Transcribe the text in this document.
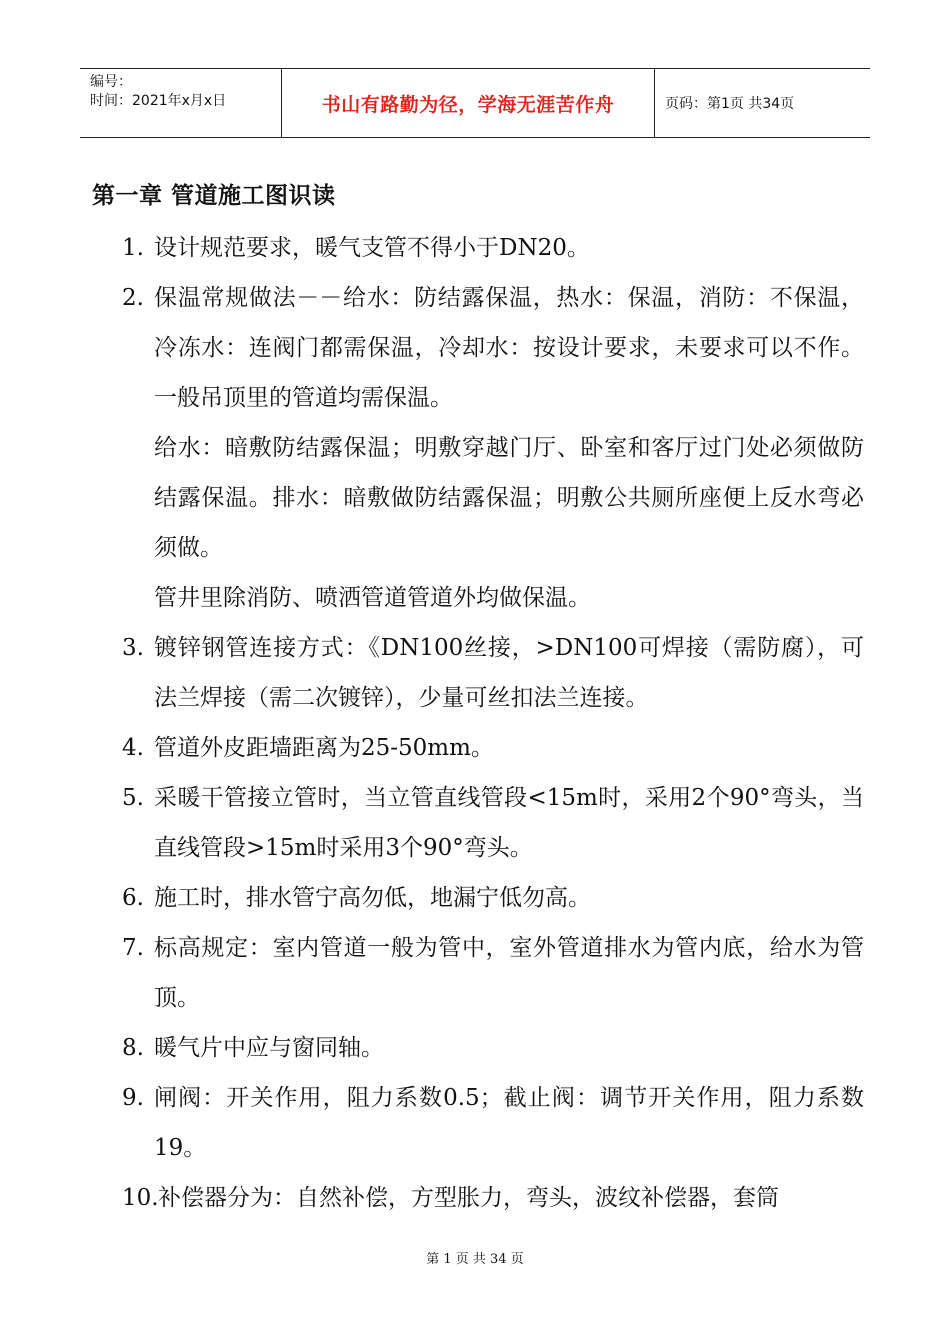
编号：
时间：2021年x月x日	书山有路勤为径，学海无涯苦作舟	页码：第1页 共34页
第一章 管道施工图识读
1. 设计规范要求，暖气支管不得小于DN20。

2. 保温常规做法－－给水：防结露保温，热水：保温，消防：不保温，冷冻水：连阀门都需保温，冷却水：按设计要求，未要求可以不作。一般吊顶里的管道均需保温。

给水：暗敷防结露保温；明敷穿越门厅、卧室和客厅过门处必须做防结露保温。排水：暗敷做防结露保温；明敷公共厕所座便上反水弯必须做。

管井里除消防、喷洒管道管道外均做保温。

3. 镀锌钢管连接方式：《DN100丝接，>DN100可焊接（需防腐），可法兰焊接（需二次镀锌），少量可丝扣法兰连接。

4. 管道外皮距墙距离为25-50mm。

5. 采暖干管接立管时，当立管直线管段<15m时，采用2个90°弯头，当直线管段>15m时采用3个90°弯头。

6. 施工时，排水管宁高勿低，地漏宁低勿高。

7. 标高规定：室内管道一般为管中，室外管道排水为管内底，给水为管顶。

8. 暖气片中应与窗同轴。

9. 闸阀：开关作用，阻力系数0.5；截止阀：调节开关作用，阻力系数19。

10. 补偿器分为：自然补偿，方型胀力，弯头，波纹补偿器，套筒

第 1 页 共 34 页
